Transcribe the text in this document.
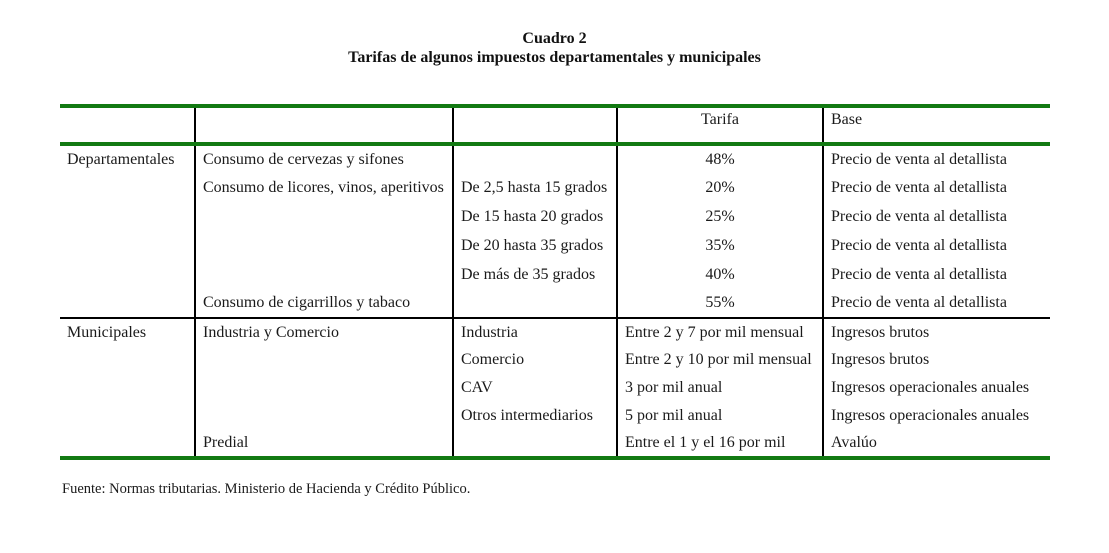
Cuadro 2
Tarifas de algunos impuestos departamentales y municipales
			Tarifa	Base
Departamentales	Consumo de cervezas y sifones		48%	Precio de venta al detallista
	Consumo de licores, vinos, aperitivos	De 2,5 hasta 15 grados	20%	Precio de venta al detallista
		De 15 hasta 20 grados	25%	Precio de venta al detallista
		De 20 hasta 35 grados	35%	Precio de venta al detallista
		De más de 35 grados	40%	Precio de venta al detallista
	Consumo de cigarrillos y tabaco		55%	Precio de venta al detallista
Municipales	Industria y Comercio	Industria	Entre 2 y 7 por mil mensual	Ingresos brutos
		Comercio	Entre 2 y 10 por mil mensual	Ingresos brutos
		CAV	3 por mil anual	Ingresos operacionales anuales
		Otros intermediarios	5 por mil anual	Ingresos operacionales anuales
	Predial		Entre el 1 y el 16 por mil	Avalúo
Fuente: Normas tributarias. Ministerio de Hacienda y Crédito Público.
